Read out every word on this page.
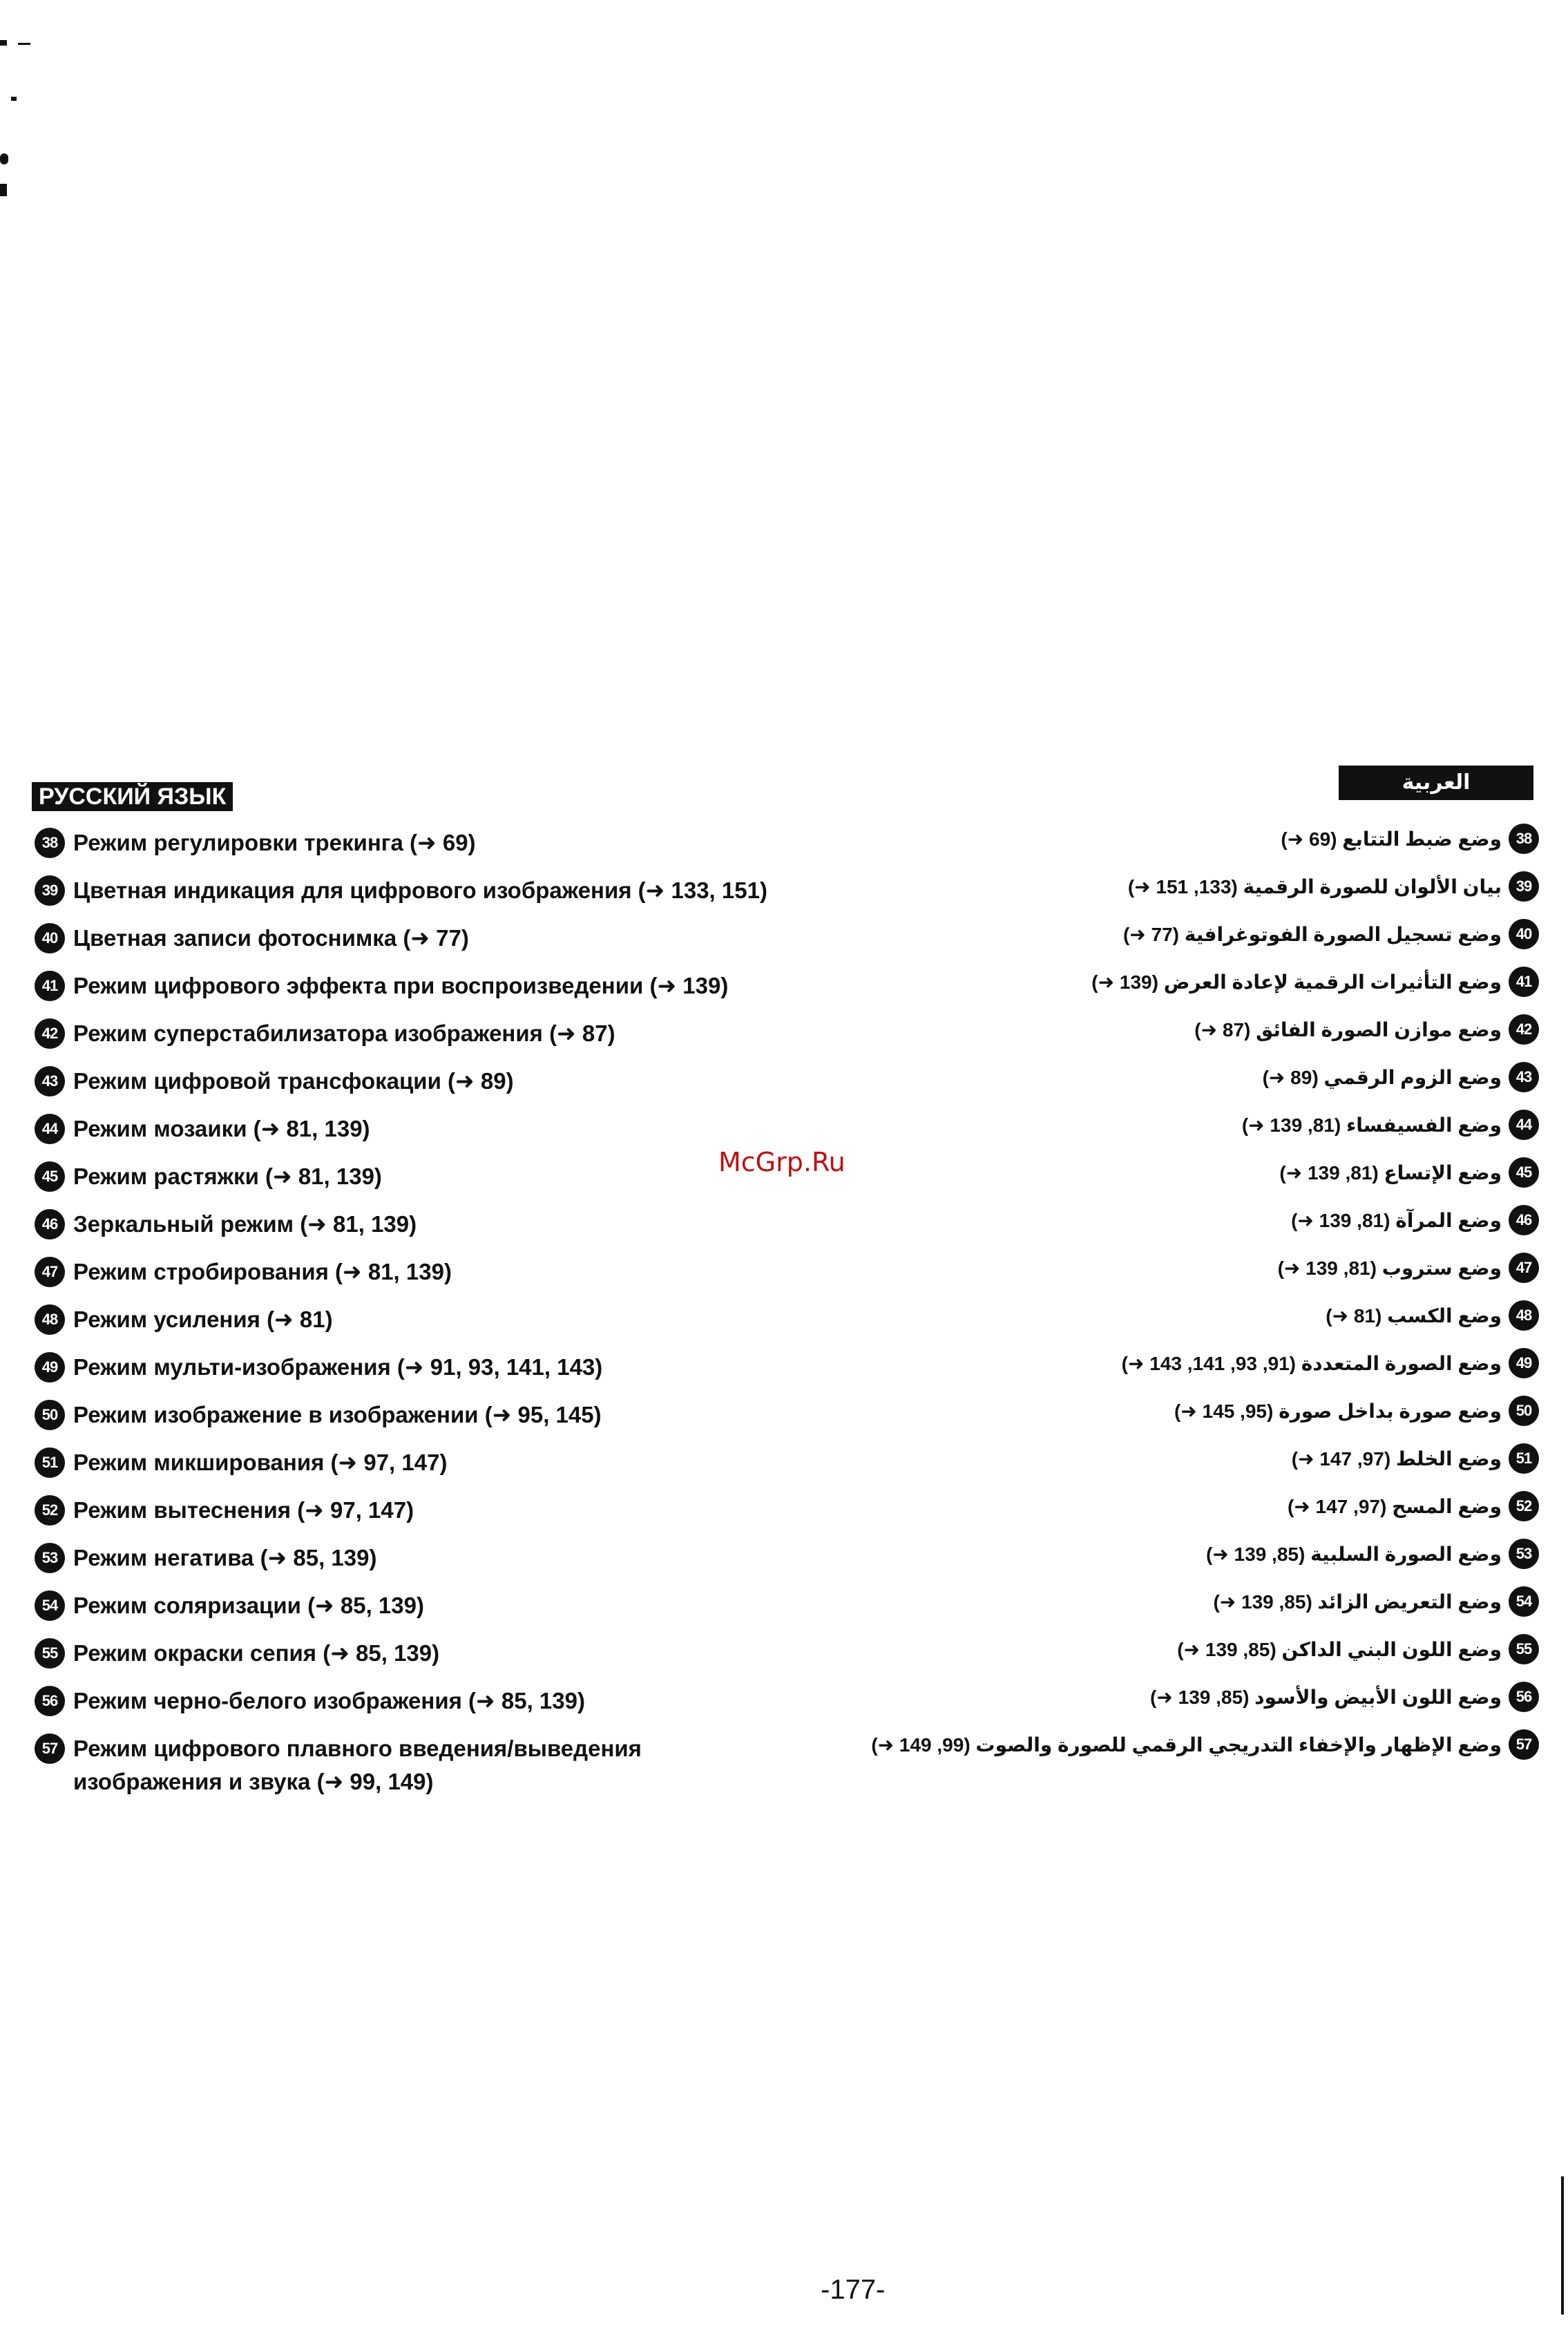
РУССКИЙ ЯЗЫК
38 Режим регулировки трекинга (➜ 69)
39 Цветная индикация для цифрового изображения (➜ 133, 151)
40 Цветная записи фотоснимка (➜ 77)
41 Режим цифрового эффекта при воспроизведении (➜ 139)
42 Режим суперстабилизатора изображения (➜ 87)
43 Режим цифровой трансфокации (➜ 89)
44 Режим мозаики (➜ 81, 139)
45 Режим растяжки (➜ 81, 139)
46 Зеркальный режим (➜ 81, 139)
47 Режим стробирования (➜ 81, 139)
48 Режим усиления (➜ 81)
49 Режим мульти-изображения (➜ 91, 93, 141, 143)
50 Режим изображение в изображении (➜ 95, 145)
51 Режим микширования (➜ 97, 147)
52 Режим вытеснения (➜ 97, 147)
53 Режим негатива (➜ 85, 139)
54 Режим соляризации (➜ 85, 139)
55 Режим окраски сепия (➜ 85, 139)
56 Режим черно-белого изображения (➜ 85, 139)
57 Режим цифрового плавного введения/выведения изображения и звука (➜ 99, 149)
العربية
38
وضع ضبط التتابع (69 ➜)
39
بيان الألوان للصورة الرقمية (133, 151 ➜)
40
وضع تسجيل الصورة الفوتوغرافية (77 ➜)
41
وضع التأثيرات الرقمية لإعادة العرض (139 ➜)
42
وضع موازن الصورة الفائق (87 ➜)
43
وضع الزوم الرقمي (89 ➜)
44
وضع الفسيفساء (81, 139 ➜)
45
وضع الإتساع (81, 139 ➜)
46
وضع المرآة (81, 139 ➜)
47
وضع ستروب (81, 139 ➜)
48
وضع الكسب (81 ➜)
49
وضع الصورة المتعددة (91, 93, 141, 143 ➜)
50
وضع صورة بداخل صورة (95, 145 ➜)
51
وضع الخلط (97, 147 ➜)
52
وضع المسح (97, 147 ➜)
53
وضع الصورة السلبية (85, 139 ➜)
54
وضع التعريض الزائد (85, 139 ➜)
55
وضع اللون البني الداكن (85, 139 ➜)
56
وضع اللون الأبيض والأسود (85, 139 ➜)
57
وضع الإظهار والإخفاء التدريجي الرقمي للصورة والصوت (99, 149 ➜)
McGrp.Ru
-177-
